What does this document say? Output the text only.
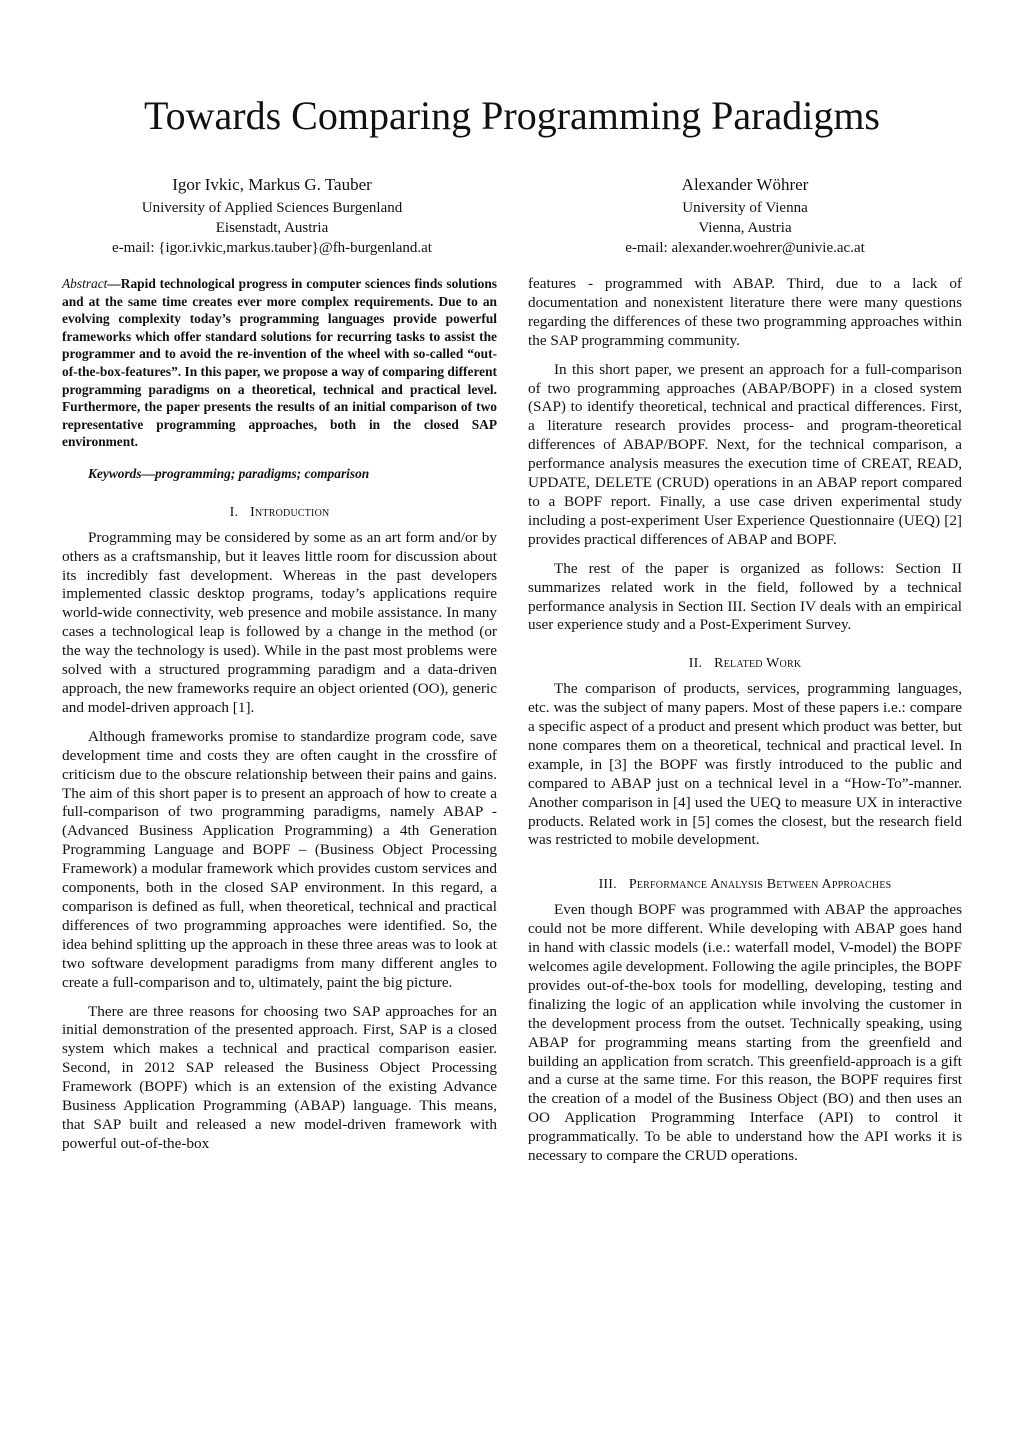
Towards Comparing Programming Paradigms
Igor Ivkic, Markus G. Tauber
University of Applied Sciences Burgenland
Eisenstadt, Austria
e-mail: {igor.ivkic,markus.tauber}@fh-burgenland.at
Alexander Wöhrer
University of Vienna
Vienna, Austria
e-mail: alexander.woehrer@univie.ac.at

Abstract—Rapid technological progress in computer sciences finds solutions and at the same time creates ever more complex requirements. Due to an evolving complexity today’s programming languages provide powerful frameworks which offer standard solutions for recurring tasks to assist the programmer and to avoid the re-invention of the wheel with so-called “out-of-the-box-features”. In this paper, we propose a way of comparing different programming paradigms on a theoretical, technical and practical level. Furthermore, the paper presents the results of an initial comparison of two representative programming approaches, both in the closed SAP environment.

Keywords—programming; paradigms; comparison

I. Introduction

Programming may be considered by some as an art form and/or by others as a craftsmanship, but it leaves little room for discussion about its incredibly fast development. Whereas in the past developers implemented classic desktop programs, today’s applications require world-wide connectivity, web presence and mobile assistance. In many cases a technological leap is followed by a change in the method (or the way the technology is used). While in the past most problems were solved with a structured programming paradigm and a data-driven approach, the new frameworks require an object oriented (OO), generic and model-driven approach [1].

Although frameworks promise to standardize program code, save development time and costs they are often caught in the crossfire of criticism due to the obscure relationship between their pains and gains. The aim of this short paper is to present an approach of how to create a full-comparison of two programming paradigms, namely ABAP - (Advanced Business Application Programming) a 4th Generation Programming Language and BOPF – (Business Object Processing Framework) a modular framework which provides custom services and components, both in the closed SAP environment. In this regard, a comparison is defined as full, when theoretical, technical and practical differences of two programming approaches were identified. So, the idea behind splitting up the approach in these three areas was to look at two software development paradigms from many different angles to create a full-comparison and to, ultimately, paint the big picture.

There are three reasons for choosing two SAP approaches for an initial demonstration of the presented approach. First, SAP is a closed system which makes a technical and practical comparison easier. Second, in 2012 SAP released the Business Object Processing Framework (BOPF) which is an extension of the existing Advance Business Application Programming (ABAP) language. This means, that SAP built and released a new model-driven framework with powerful out-of-the-box

features - programmed with ABAP. Third, due to a lack of documentation and nonexistent literature there were many questions regarding the differences of these two programming approaches within the SAP programming community.

In this short paper, we present an approach for a full-comparison of two programming approaches (ABAP/BOPF) in a closed system (SAP) to identify theoretical, technical and practical differences. First, a literature research provides process- and program-theoretical differences of ABAP/BOPF. Next, for the technical comparison, a performance analysis measures the execution time of CREAT, READ, UPDATE, DELETE (CRUD) operations in an ABAP report compared to a BOPF report. Finally, a use case driven experimental study including a post-experiment User Experience Questionnaire (UEQ) [2] provides practical differences of ABAP and BOPF.

The rest of the paper is organized as follows: Section II summarizes related work in the field, followed by a technical performance analysis in Section III. Section IV deals with an empirical user experience study and a Post-Experiment Survey.

II. Related Work

The comparison of products, services, programming languages, etc. was the subject of many papers. Most of these papers i.e.: compare a specific aspect of a product and present which product was better, but none compares them on a theoretical, technical and practical level. In example, in [3] the BOPF was firstly introduced to the public and compared to ABAP just on a technical level in a “How-To”-manner. Another comparison in [4] used the UEQ to measure UX in interactive products. Related work in [5] comes the closest, but the research field was restricted to mobile development.

III. Performance Analysis Between Approaches

Even though BOPF was programmed with ABAP the approaches could not be more different. While developing with ABAP goes hand in hand with classic models (i.e.: waterfall model, V-model) the BOPF welcomes agile development. Following the agile principles, the BOPF provides out-of-the-box tools for modelling, developing, testing and finalizing the logic of an application while involving the customer in the development process from the outset. Technically speaking, using ABAP for programming means starting from the greenfield and building an application from scratch. This greenfield-approach is a gift and a curse at the same time. For this reason, the BOPF requires first the creation of a model of the Business Object (BO) and then uses an OO Application Programming Interface (API) to control it programmatically. To be able to understand how the API works it is necessary to compare the CRUD operations.
